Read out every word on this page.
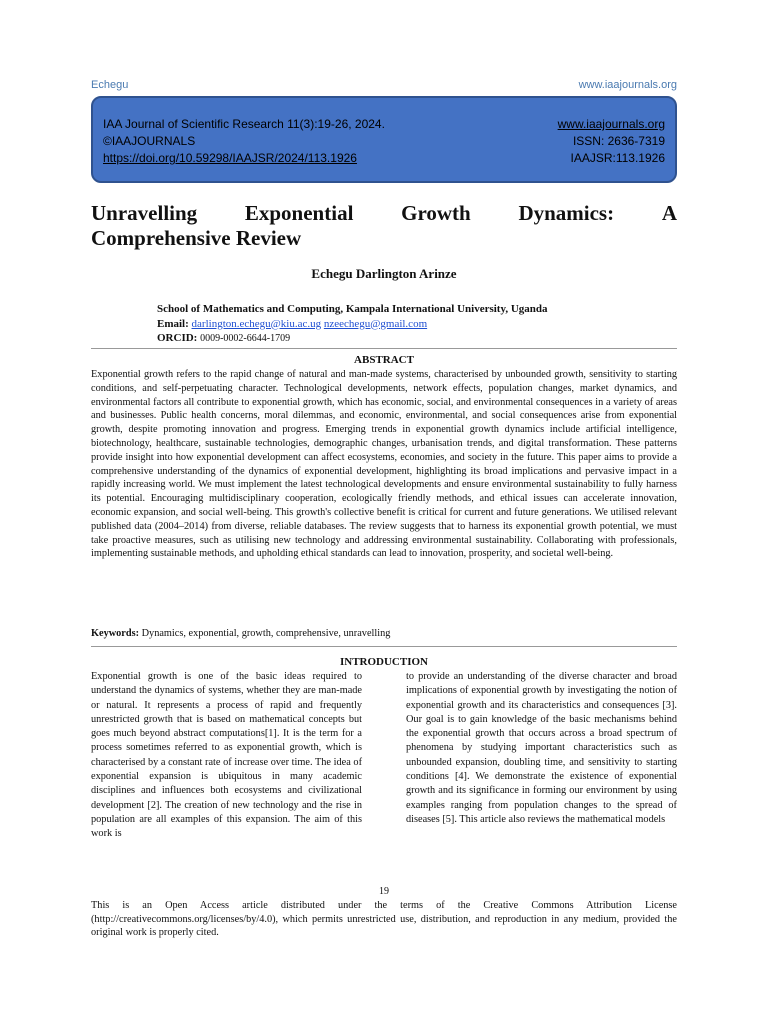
Echegu	www.iaajournals.org
IAA Journal of Scientific Research 11(3):19-26, 2024.
©IAAJOURNALS
https://doi.org/10.59298/IAAJSR/2024/113.1926
www.iaajournals.org
ISSN: 2636-7319
IAAJSR:113.1926
Unravelling Exponential Growth Dynamics: A
Comprehensive Review
Echegu Darlington Arinze
School of Mathematics and Computing, Kampala International University, Uganda
Email: darlington.echegu@kiu.ac.ug nzeechegu@gmail.com
ORCID: 0009-0002-6644-1709
ABSTRACT

Exponential growth refers to the rapid change of natural and man-made systems, characterised by unbounded growth, sensitivity to starting conditions, and self-perpetuating character. Technological developments, network effects, population changes, market dynamics, and environmental factors all contribute to exponential growth, which has economic, social, and environmental consequences in a variety of areas and businesses. Public health concerns, moral dilemmas, and economic, environmental, and social consequences arise from exponential growth, despite promoting innovation and progress. Emerging trends in exponential growth dynamics include artificial intelligence, biotechnology, healthcare, sustainable technologies, demographic changes, urbanisation trends, and digital transformation. These patterns provide insight into how exponential development can affect ecosystems, economies, and society in the future. This paper aims to provide a comprehensive understanding of the dynamics of exponential development, highlighting its broad implications and pervasive impact in a rapidly increasing world. We must implement the latest technological developments and ensure environmental sustainability to fully harness its potential. Encouraging multidisciplinary cooperation, ecologically friendly methods, and ethical issues can accelerate innovation, economic expansion, and social well-being. This growth's collective benefit is critical for current and future generations. We utilised relevant published data (2004–2014) from diverse, reliable databases. The review suggests that to harness its exponential growth potential, we must take proactive measures, such as utilising new technology and addressing environmental sustainability. Collaborating with professionals, implementing sustainable methods, and upholding ethical standards can lead to innovation, prosperity, and societal well-being.

Keywords: Dynamics, exponential, growth, comprehensive, unravelling
INTRODUCTION

Exponential growth is one of the basic ideas required to understand the dynamics of systems, whether they are man-made or natural. It represents a process of rapid and frequently unrestricted growth that is based on mathematical concepts but goes much beyond abstract computations[1]. It is the term for a process sometimes referred to as exponential growth, which is characterised by a constant rate of increase over time. The idea of exponential expansion is ubiquitous in many academic disciplines and influences both ecosystems and civilizational development [2]. The creation of new technology and the rise in population are all examples of this expansion. The aim of this work is

to provide an understanding of the diverse character and broad implications of exponential growth by investigating the notion of exponential growth and its characteristics and consequences [3]. Our goal is to gain knowledge of the basic mechanisms behind the exponential growth that occurs across a broad spectrum of phenomena by studying important characteristics such as unbounded expansion, doubling time, and sensitivity to starting conditions [4]. We demonstrate the existence of exponential growth and its significance in forming our environment by using examples ranging from population changes to the spread of diseases [5]. This article also reviews the mathematical models

19

This is an Open Access article distributed under the terms of the Creative Commons Attribution License (http://creativecommons.org/licenses/by/4.0), which permits unrestricted use, distribution, and reproduction in any medium, provided the original work is properly cited.
